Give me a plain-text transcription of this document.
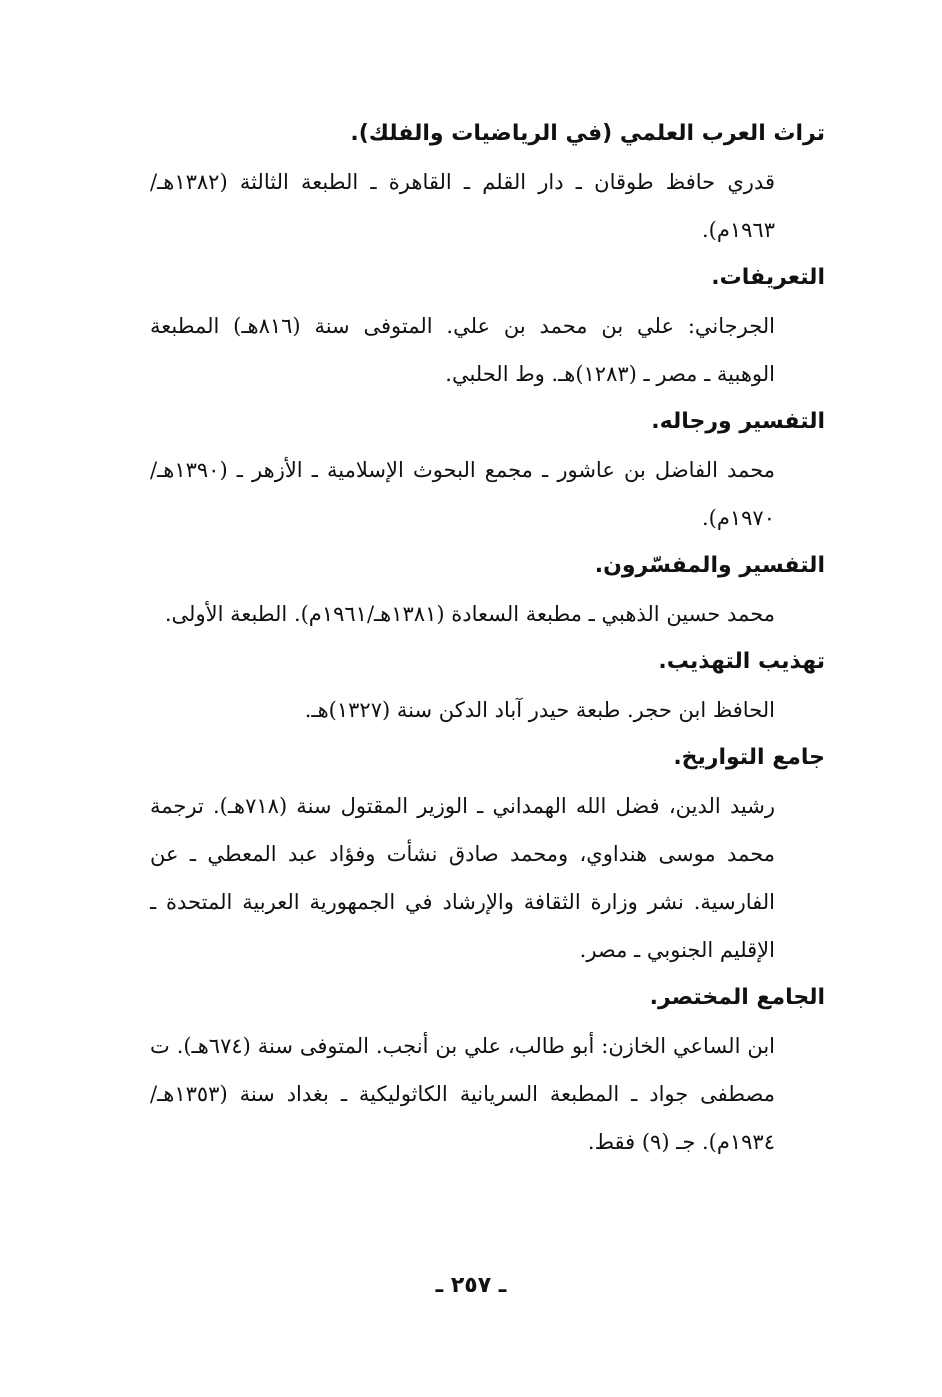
تراث العرب العلمي (في الرياضيات والفلك).
قدري حافظ طوقان ـ دار القلم ـ القاهرة ـ الطبعة الثالثة (١٣٨٢هـ/١٩٦٣م).
التعريفات.
الجرجاني: علي بن محمد بن علي. المتوفى سنة (٨١٦هـ) المطبعة الوهبية ـ مصر ـ (١٢٨٣)هـ. وط الحلبي.
التفسير ورجاله.
محمد الفاضل بن عاشور ـ مجمع البحوث الإسلامية ـ الأزهر ـ (١٣٩٠هـ/١٩٧٠م).
التفسير والمفسّرون.
محمد حسين الذهبي ـ مطبعة السعادة (١٣٨١هـ/١٩٦١م). الطبعة الأولى.
تهذيب التهذيب.
الحافظ ابن حجر. طبعة حيدر آباد الدكن سنة (١٣٢٧)هـ.
جامع التواريخ.
رشيد الدين، فضل الله الهمداني ـ الوزير المقتول سنة (٧١٨هـ). ترجمة محمد موسى هنداوي، ومحمد صادق نشأت وفؤاد عبد المعطي ـ عن الفارسية. نشر وزارة الثقافة والإرشاد في الجمهورية العربية المتحدة ـ الإقليم الجنوبي ـ مصر.
الجامع المختصر.
ابن الساعي الخازن: أبو طالب، علي بن أنجب. المتوفى سنة (٦٧٤هـ). ت مصطفى جواد ـ المطبعة السريانية الكاثوليكية ـ بغداد سنة (١٣٥٣هـ/١٩٣٤م). جـ (٩) فقط.
ـ ٢٥٧ ـ
